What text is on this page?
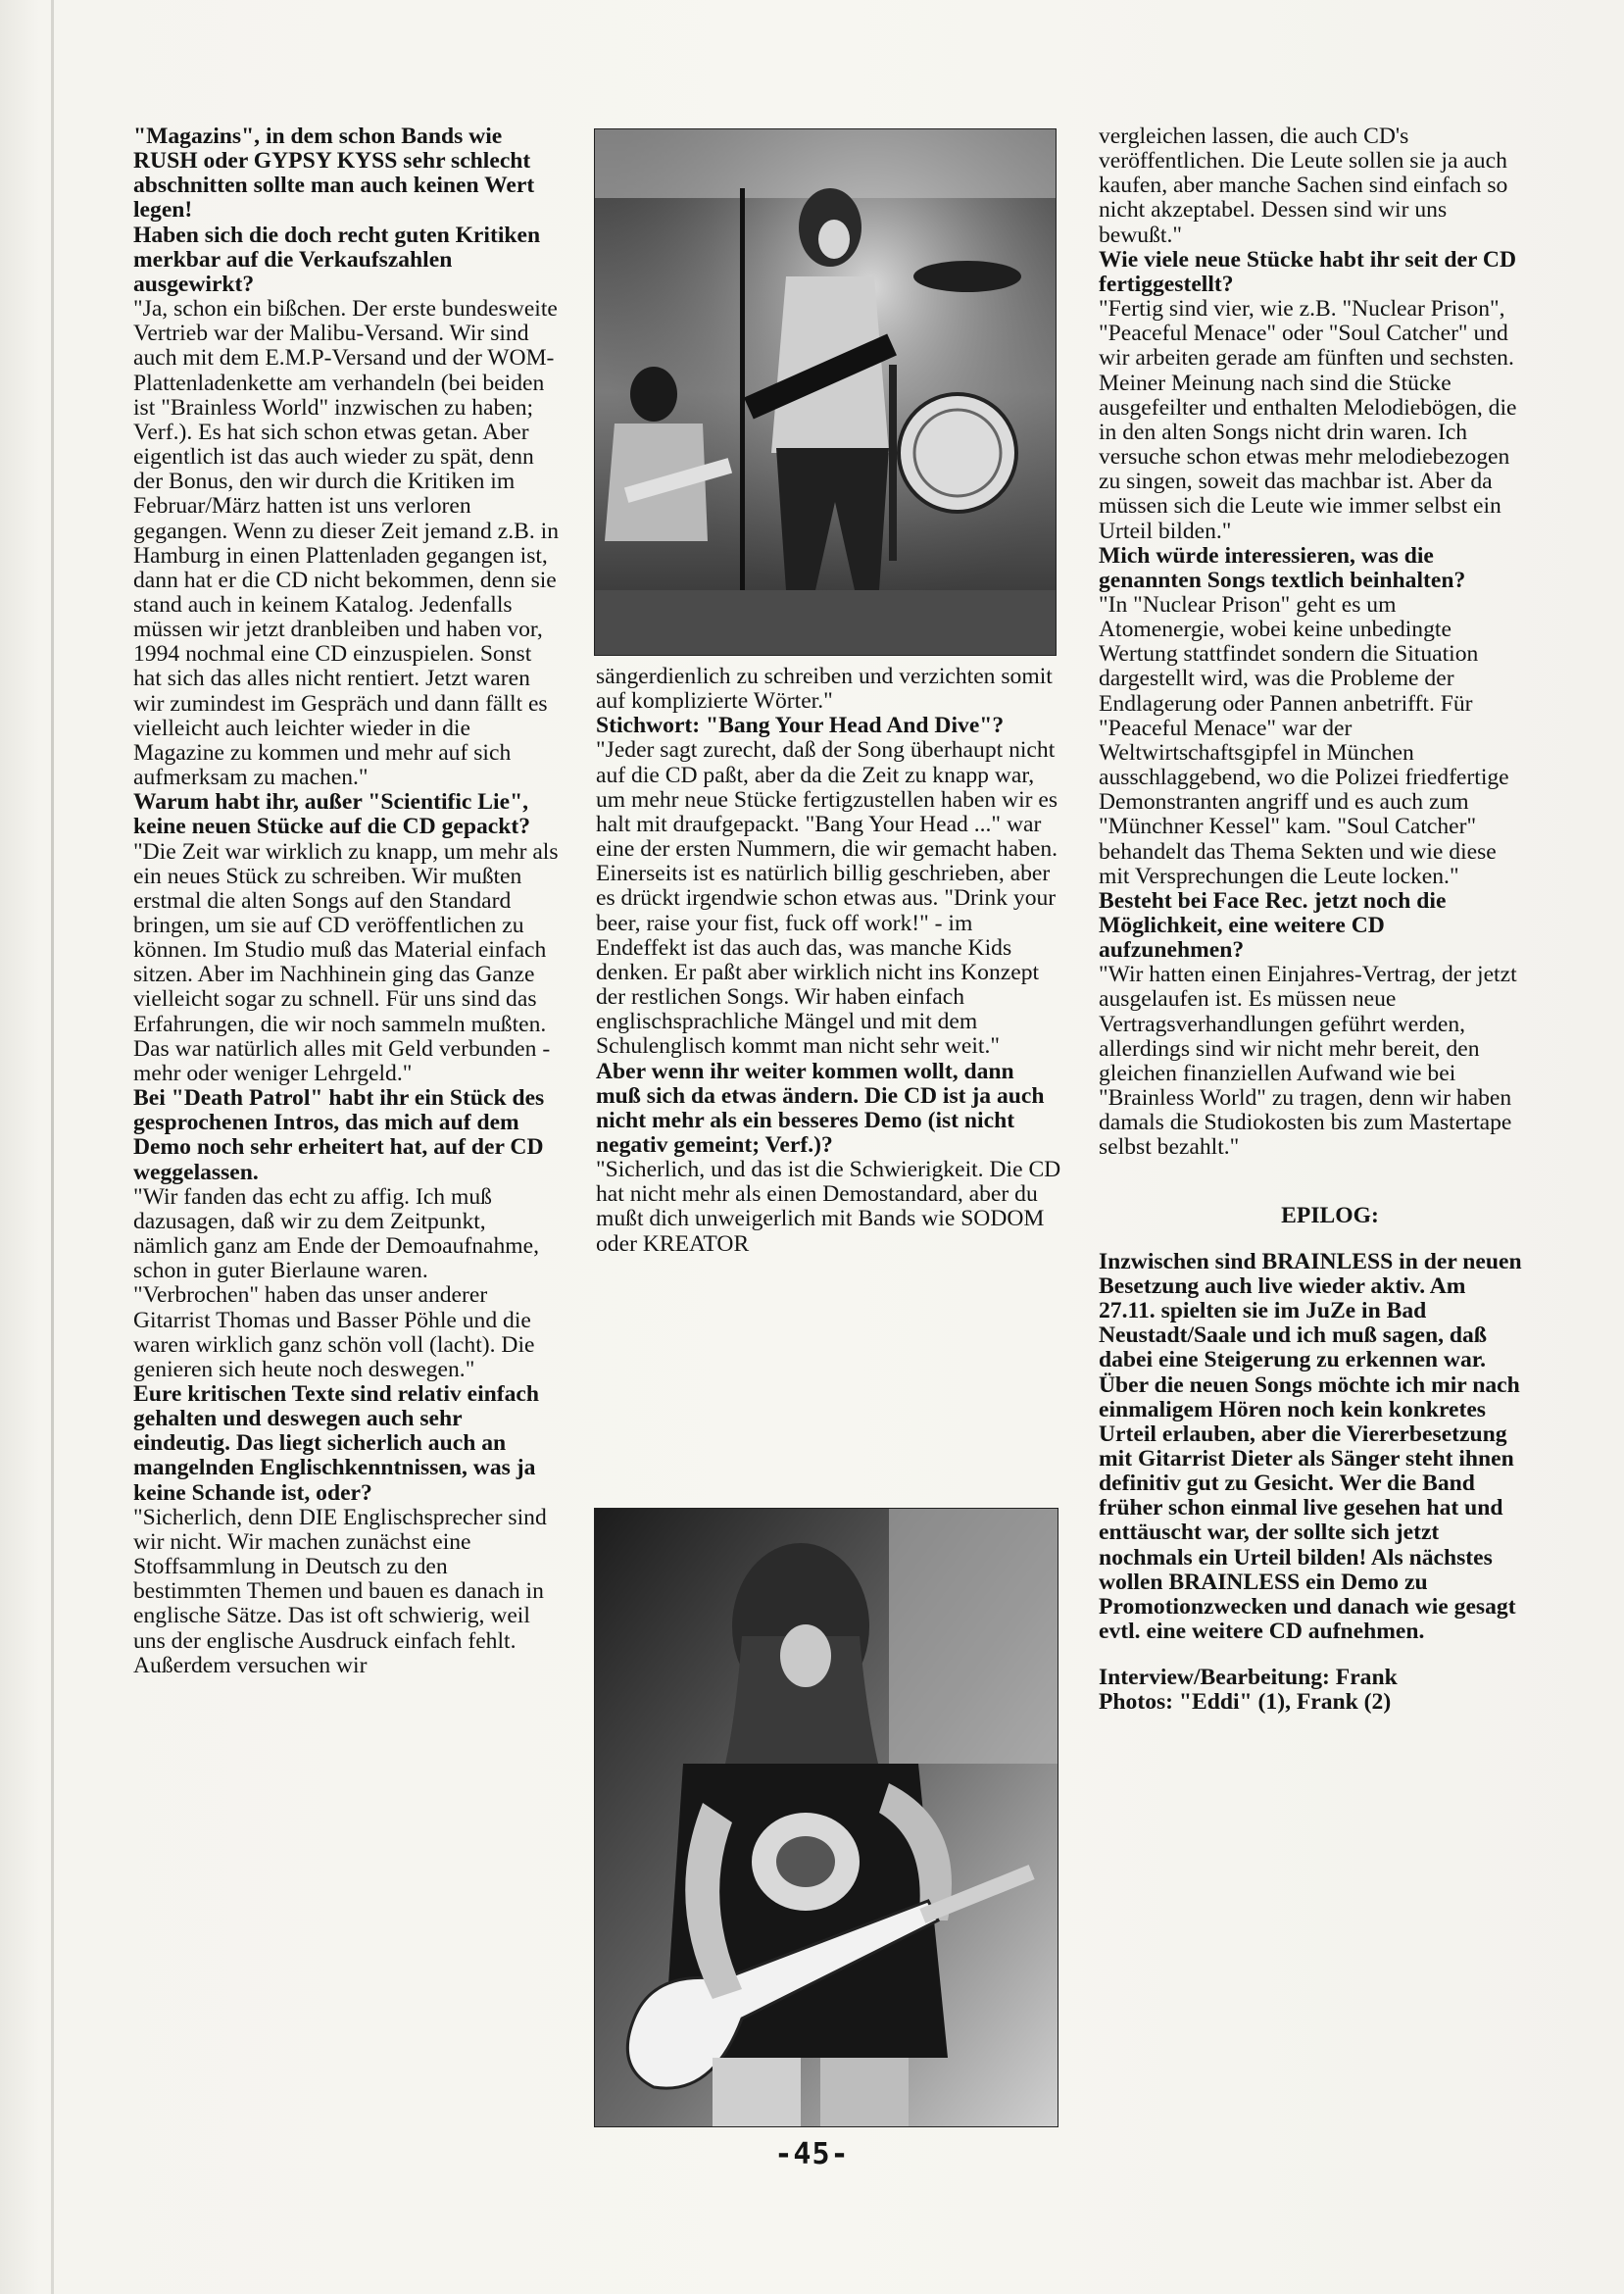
"Magazins", in dem schon Bands wie RUSH oder GYPSY KYSS sehr schlecht abschnitten sollte man auch keinen Wert legen!

Haben sich die doch recht guten Kritiken merkbar auf die Verkaufszahlen ausgewirkt?

"Ja, schon ein bißchen. Der erste bundesweite Vertrieb war der Malibu-Versand. Wir sind auch mit dem E.M.P-Versand und der WOM-Plattenladenkette am verhandeln (bei beiden ist "Brainless World" inzwischen zu haben; Verf.). Es hat sich schon etwas getan. Aber eigentlich ist das auch wieder zu spät, denn der Bonus, den wir durch die Kritiken im Februar/März hatten ist uns verloren gegangen. Wenn zu dieser Zeit jemand z.B. in Hamburg in einen Plattenladen gegangen ist, dann hat er die CD nicht bekommen, denn sie stand auch in keinem Katalog. Jedenfalls müssen wir jetzt dranbleiben und haben vor, 1994 nochmal eine CD einzuspielen. Sonst hat sich das alles nicht rentiert. Jetzt waren wir zumindest im Gespräch und dann fällt es vielleicht auch leichter wieder in die Magazine zu kommen und mehr auf sich aufmerksam zu machen."

Warum habt ihr, außer "Scientific Lie", keine neuen Stücke auf die CD gepackt?

"Die Zeit war wirklich zu knapp, um mehr als ein neues Stück zu schreiben. Wir mußten erstmal die alten Songs auf den Standard bringen, um sie auf CD veröffentlichen zu können. Im Studio muß das Material einfach sitzen. Aber im Nachhinein ging das Ganze vielleicht sogar zu schnell. Für uns sind das Erfahrungen, die wir noch sammeln mußten. Das war natürlich alles mit Geld verbunden - mehr oder weniger Lehrgeld."

Bei "Death Patrol" habt ihr ein Stück des gesprochenen Intros, das mich auf dem Demo noch sehr erheitert hat, auf der CD weggelassen.

"Wir fanden das echt zu affig. Ich muß dazusagen, daß wir zu dem Zeitpunkt, nämlich ganz am Ende der Demoaufnahme, schon in guter Bierlaune waren. "Verbrochen" haben das unser anderer Gitarrist Thomas und Basser Pöhle und die waren wirklich ganz schön voll (lacht). Die genieren sich heute noch deswegen."

Eure kritischen Texte sind relativ einfach gehalten und deswegen auch sehr eindeutig. Das liegt sicherlich auch an mangelnden Englischkenntnissen, was ja keine Schande ist, oder?

"Sicherlich, denn DIE Englischsprecher sind wir nicht. Wir machen zunächst eine Stoffsammlung in Deutsch zu den bestimmten Themen und bauen es danach in englische Sätze. Das ist oft schwierig, weil uns der englische Ausdruck einfach fehlt. Außerdem versuchen wir

sängerdienlich zu schreiben und verzichten somit auf komplizierte Wörter."

Stichwort: "Bang Your Head And Dive"?

"Jeder sagt zurecht, daß der Song überhaupt nicht auf die CD paßt, aber da die Zeit zu knapp war, um mehr neue Stücke fertigzustellen haben wir es halt mit draufgepackt. "Bang Your Head ..." war eine der ersten Nummern, die wir gemacht haben. Einerseits ist es natürlich billig geschrieben, aber es drückt irgendwie schon etwas aus. "Drink your beer, raise your fist, fuck off work!" - im Endeffekt ist das auch das, was manche Kids denken. Er paßt aber wirklich nicht ins Konzept der restlichen Songs. Wir haben einfach englischsprachliche Mängel und mit dem Schulenglisch kommt man nicht sehr weit."

Aber wenn ihr weiter kommen wollt, dann muß sich da etwas ändern. Die CD ist ja auch nicht mehr als ein besseres Demo (ist nicht negativ gemeint; Verf.)?

"Sicherlich, und das ist die Schwierigkeit. Die CD hat nicht mehr als einen Demostandard, aber du mußt dich unweigerlich mit Bands wie SODOM oder KREATOR

vergleichen lassen, die auch CD's veröffentlichen. Die Leute sollen sie ja auch kaufen, aber manche Sachen sind einfach so nicht akzeptabel. Dessen sind wir uns bewußt."

Wie viele neue Stücke habt ihr seit der CD fertiggestellt?

"Fertig sind vier, wie z.B. "Nuclear Prison", "Peaceful Menace" oder "Soul Catcher" und wir arbeiten gerade am fünften und sechsten. Meiner Meinung nach sind die Stücke ausgefeilter und enthalten Melodiebögen, die in den alten Songs nicht drin waren. Ich versuche schon etwas mehr melodiebezogen zu singen, soweit das machbar ist. Aber da müssen sich die Leute wie immer selbst ein Urteil bilden."

Mich würde interessieren, was die genannten Songs textlich beinhalten?

"In "Nuclear Prison" geht es um Atomenergie, wobei keine unbedingte Wertung stattfindet sondern die Situation dargestellt wird, was die Probleme der Endlagerung oder Pannen anbetrifft. Für "Peaceful Menace" war der Weltwirtschaftsgipfel in München ausschlaggebend, wo die Polizei friedfertige Demonstranten angriff und es auch zum "Münchner Kessel" kam. "Soul Catcher" behandelt das Thema Sekten und wie diese mit Versprechungen die Leute locken."

Besteht bei Face Rec. jetzt noch die Möglichkeit, eine weitere CD aufzunehmen?

"Wir hatten einen Einjahres-Vertrag, der jetzt ausgelaufen ist. Es müssen neue Vertragsverhandlungen geführt werden, allerdings sind wir nicht mehr bereit, den gleichen finanziellen Aufwand wie bei "Brainless World" zu tragen, denn wir haben damals die Studiokosten bis zum Mastertape selbst bezahlt."

EPILOG:

Inzwischen sind BRAINLESS in der neuen Besetzung auch live wieder aktiv. Am 27.11. spielten sie im JuZe in Bad Neustadt/Saale und ich muß sagen, daß dabei eine Steigerung zu erkennen war. Über die neuen Songs möchte ich mir nach einmaligem Hören noch kein konkretes Urteil erlauben, aber die Viererbesetzung mit Gitarrist Dieter als Sänger steht ihnen definitiv gut zu Gesicht. Wer die Band früher schon einmal live gesehen hat und enttäuscht war, der sollte sich jetzt nochmals ein Urteil bilden! Als nächstes wollen BRAINLESS ein Demo zu Promotionzwecken und danach wie gesagt evtl. eine weitere CD aufnehmen.

Interview/Bearbeitung: Frank

Photos: "Eddi" (1), Frank (2)

-45-
